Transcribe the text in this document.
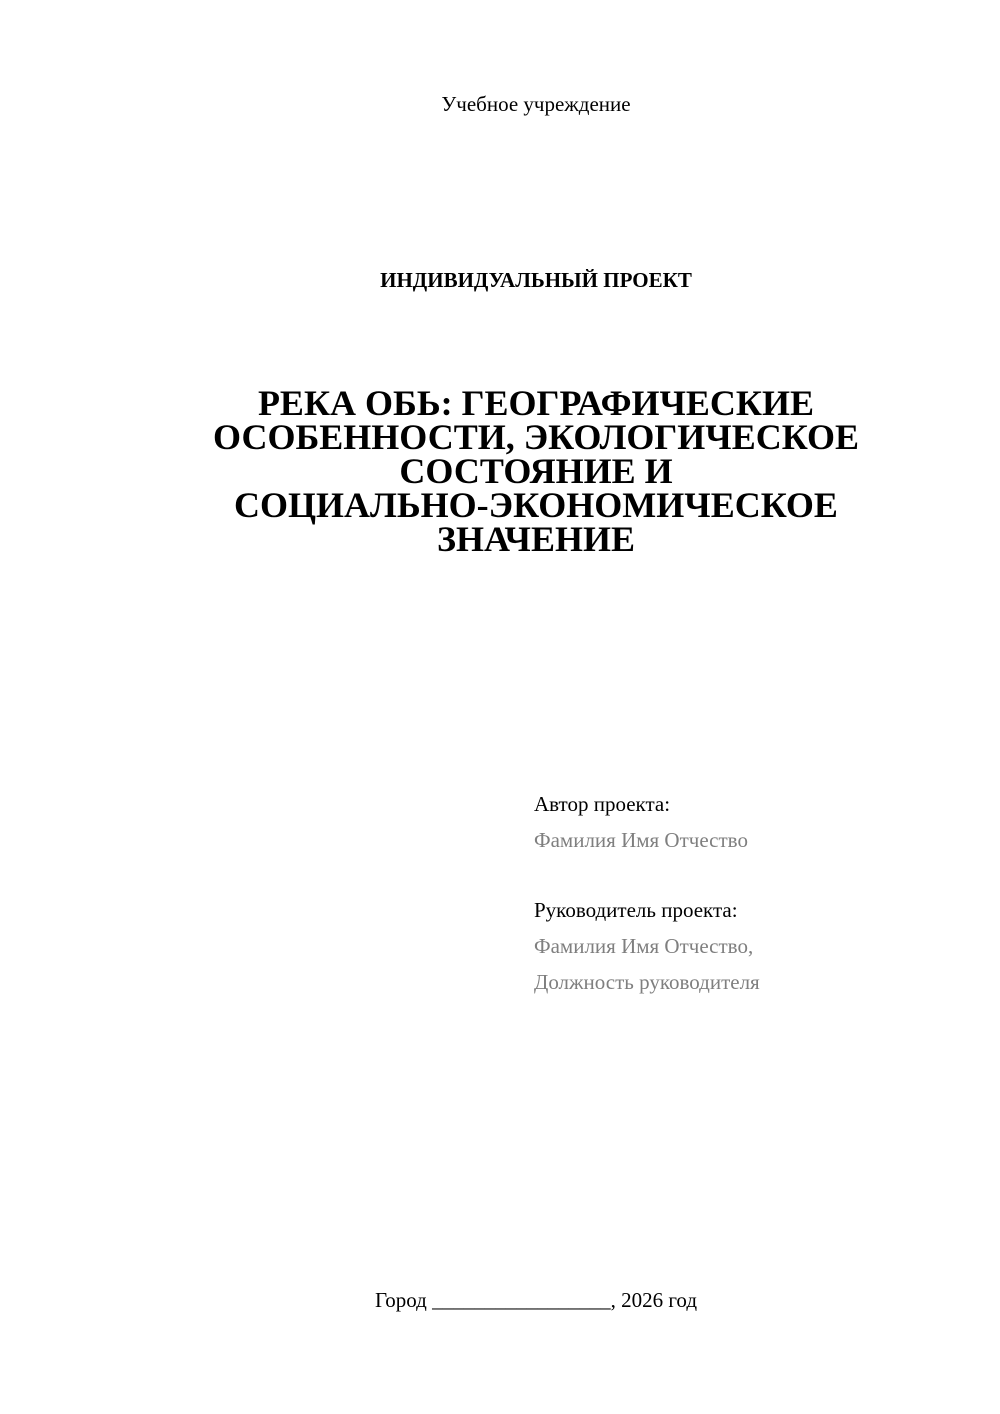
Учебное учреждение
ИНДИВИДУАЛЬНЫЙ ПРОЕКТ
РЕКА ОБЬ: ГЕОГРАФИЧЕСКИЕ
ОСОБЕННОСТИ, ЭКОЛОГИЧЕСКОЕ
СОСТОЯНИЕ И
СОЦИАЛЬНО-ЭКОНОМИЧЕСКОЕ
ЗНАЧЕНИЕ
Автор проекта:
Фамилия Имя Отчество
Руководитель проекта:
Фамилия Имя Отчество,
Должность руководителя
Город _________________, 2026 год
